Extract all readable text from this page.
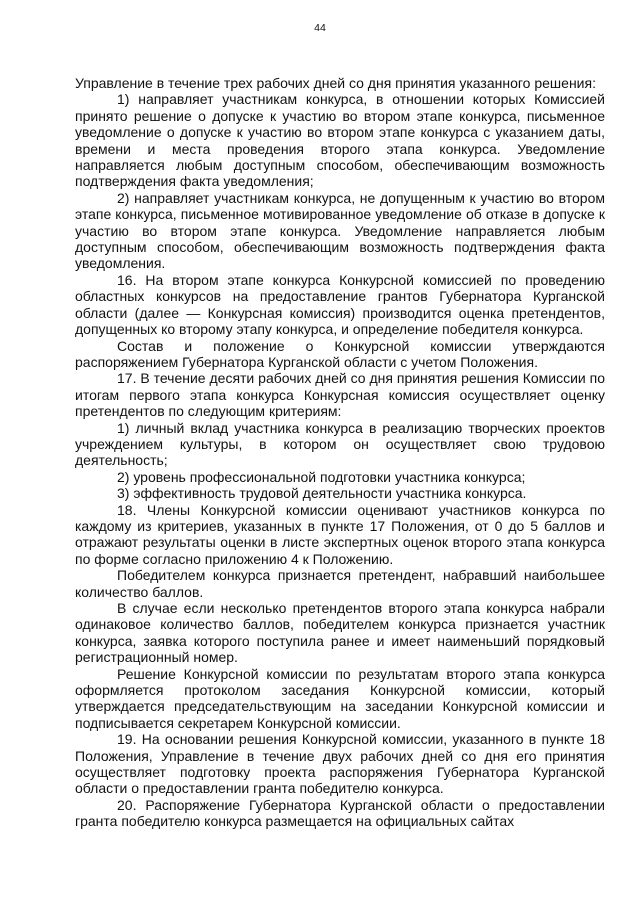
44

Управление в течение трех рабочих дней со дня принятия указанного решения:

1) направляет участникам конкурса, в отношении которых Комиссией принято решение о допуске к участию во втором этапе конкурса, письменное уведомление о допуске к участию во втором этапе конкурса с указанием даты, времени и места проведения второго этапа конкурса. Уведомление направляется любым доступным способом, обеспечивающим возможность подтверждения факта уведомления;

2) направляет участникам конкурса, не допущенным к участию во втором этапе конкурса, письменное мотивированное уведомление об отказе в допуске к участию во втором этапе конкурса. Уведомление направляется любым доступным способом, обеспечивающим возможность подтверждения факта уведомления.

16. На втором этапе конкурса Конкурсной комиссией по проведению областных конкурсов на предоставление грантов Губернатора Курганской области (далее — Конкурсная комиссия) производится оценка претендентов, допущенных ко второму этапу конкурса, и определение победителя конкурса.

Состав и положение о Конкурсной комиссии утверждаются распоряжением Губернатора Курганской области с учетом Положения.

17. В течение десяти рабочих дней со дня принятия решения Комиссии по итогам первого этапа конкурса Конкурсная комиссия осуществляет оценку претендентов по следующим критериям:

1) личный вклад участника конкурса в реализацию творческих проектов учреждением культуры, в котором он осуществляет свою трудовою деятельность;

2) уровень профессиональной подготовки участника конкурса;

3) эффективность трудовой деятельности участника конкурса.

18. Члены Конкурсной комиссии оценивают участников конкурса по каждому из критериев, указанных в пункте 17 Положения, от 0 до 5 баллов и отражают результаты оценки в листе экспертных оценок второго этапа конкурса по форме согласно приложению 4 к Положению.

Победителем конкурса признается претендент, набравший наибольшее количество баллов.

В случае если несколько претендентов второго этапа конкурса набрали одинаковое количество баллов, победителем конкурса признается участник конкурса, заявка которого поступила ранее и имеет наименьший порядковый регистрационный номер.

Решение Конкурсной комиссии по результатам второго этапа конкурса оформляется протоколом заседания Конкурсной комиссии, который утверждается председательствующим на заседании Конкурсной комиссии и подписывается секретарем Конкурсной комиссии.

19. На основании решения Конкурсной комиссии, указанного в пункте 18 Положения, Управление в течение двух рабочих дней со дня его принятия осуществляет подготовку проекта распоряжения Губернатора Курганской области о предоставлении гранта победителю конкурса.

20. Распоряжение Губернатора Курганской области о предоставлении гранта победителю конкурса размещается на официальных сайтах
